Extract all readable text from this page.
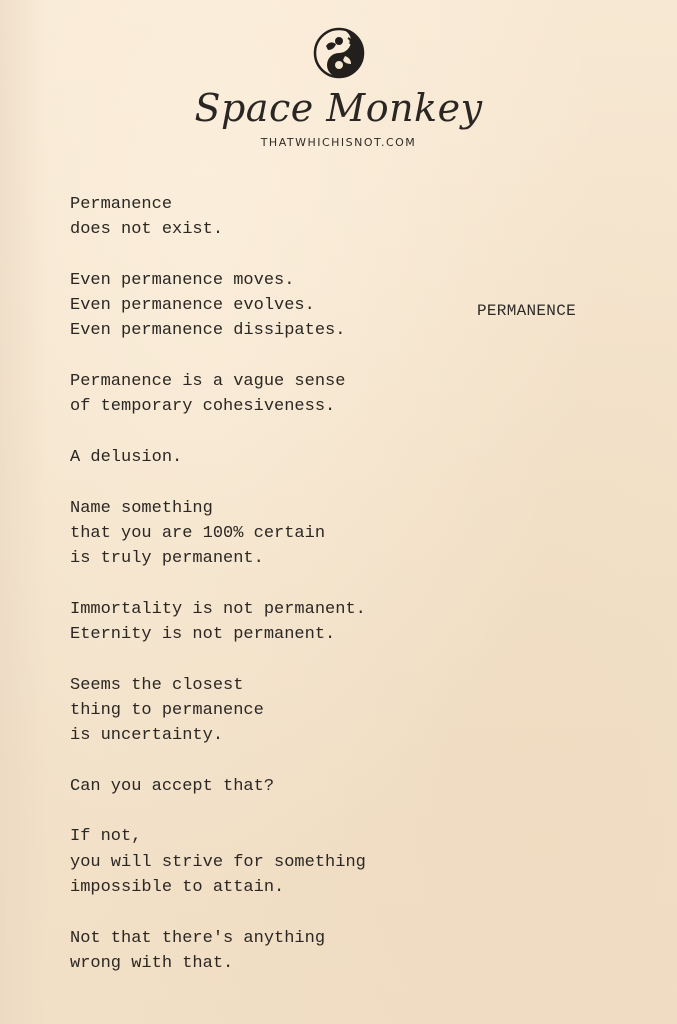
Space Monkey
THATWHICHISNOT.COM
PERMANENCE
Permanence
does not exist.
Even permanence moves.
Even permanence evolves.
Even permanence dissipates.
Permanence is a vague sense
of temporary cohesiveness.
A delusion.
Name something
that you are 100% certain
is truly permanent.
Immortality is not permanent.
Eternity is not permanent.
Seems the closest
thing to permanence
is uncertainty.
Can you accept that?
If not,
you will strive for something
impossible to attain.
Not that there's anything
wrong with that.
